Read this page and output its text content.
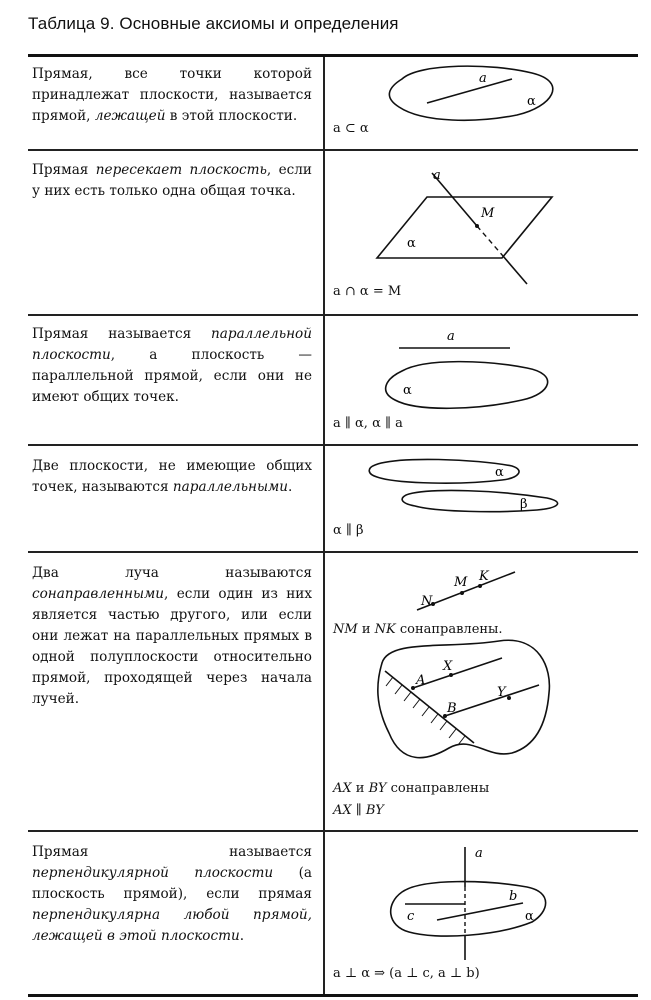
Таблица 9. Основные аксиомы и определения
Прямая, все точки которой принадлежат плоскости, называется прямой, лежащей в этой плоскости.
a
α
a ⊂ α
Прямая пересекает плоскость, если у них есть только одна общая точка.
a
M
α
a ∩ α = M
Прямая называется параллельной плоскости, а плоскость — параллельной прямой, если они не имеют общих точек.
a
α
a ∥ α, α ∥ a
Две плоскости, не имеющие общих точек, называются параллельными.
α
β
α ∥ β
Два луча называются сонаправленными, если один из них является частью другого, или если они лежат на параллельных прямых в одной полуплоскости относительно прямой, проходящей через начала лучей.
N
M K
A
X
B
Y
NM и NK сонаправлены.
AX и BY сонаправлены
AX ∥ BY
Прямая называется перпендикулярной плоскости (а плоскость прямой), если прямая перпендикулярна любой прямой, лежащей в этой плоскости.
a
c
b
α
a ⊥ α ⇒ (a ⊥ c, a ⊥ b)
